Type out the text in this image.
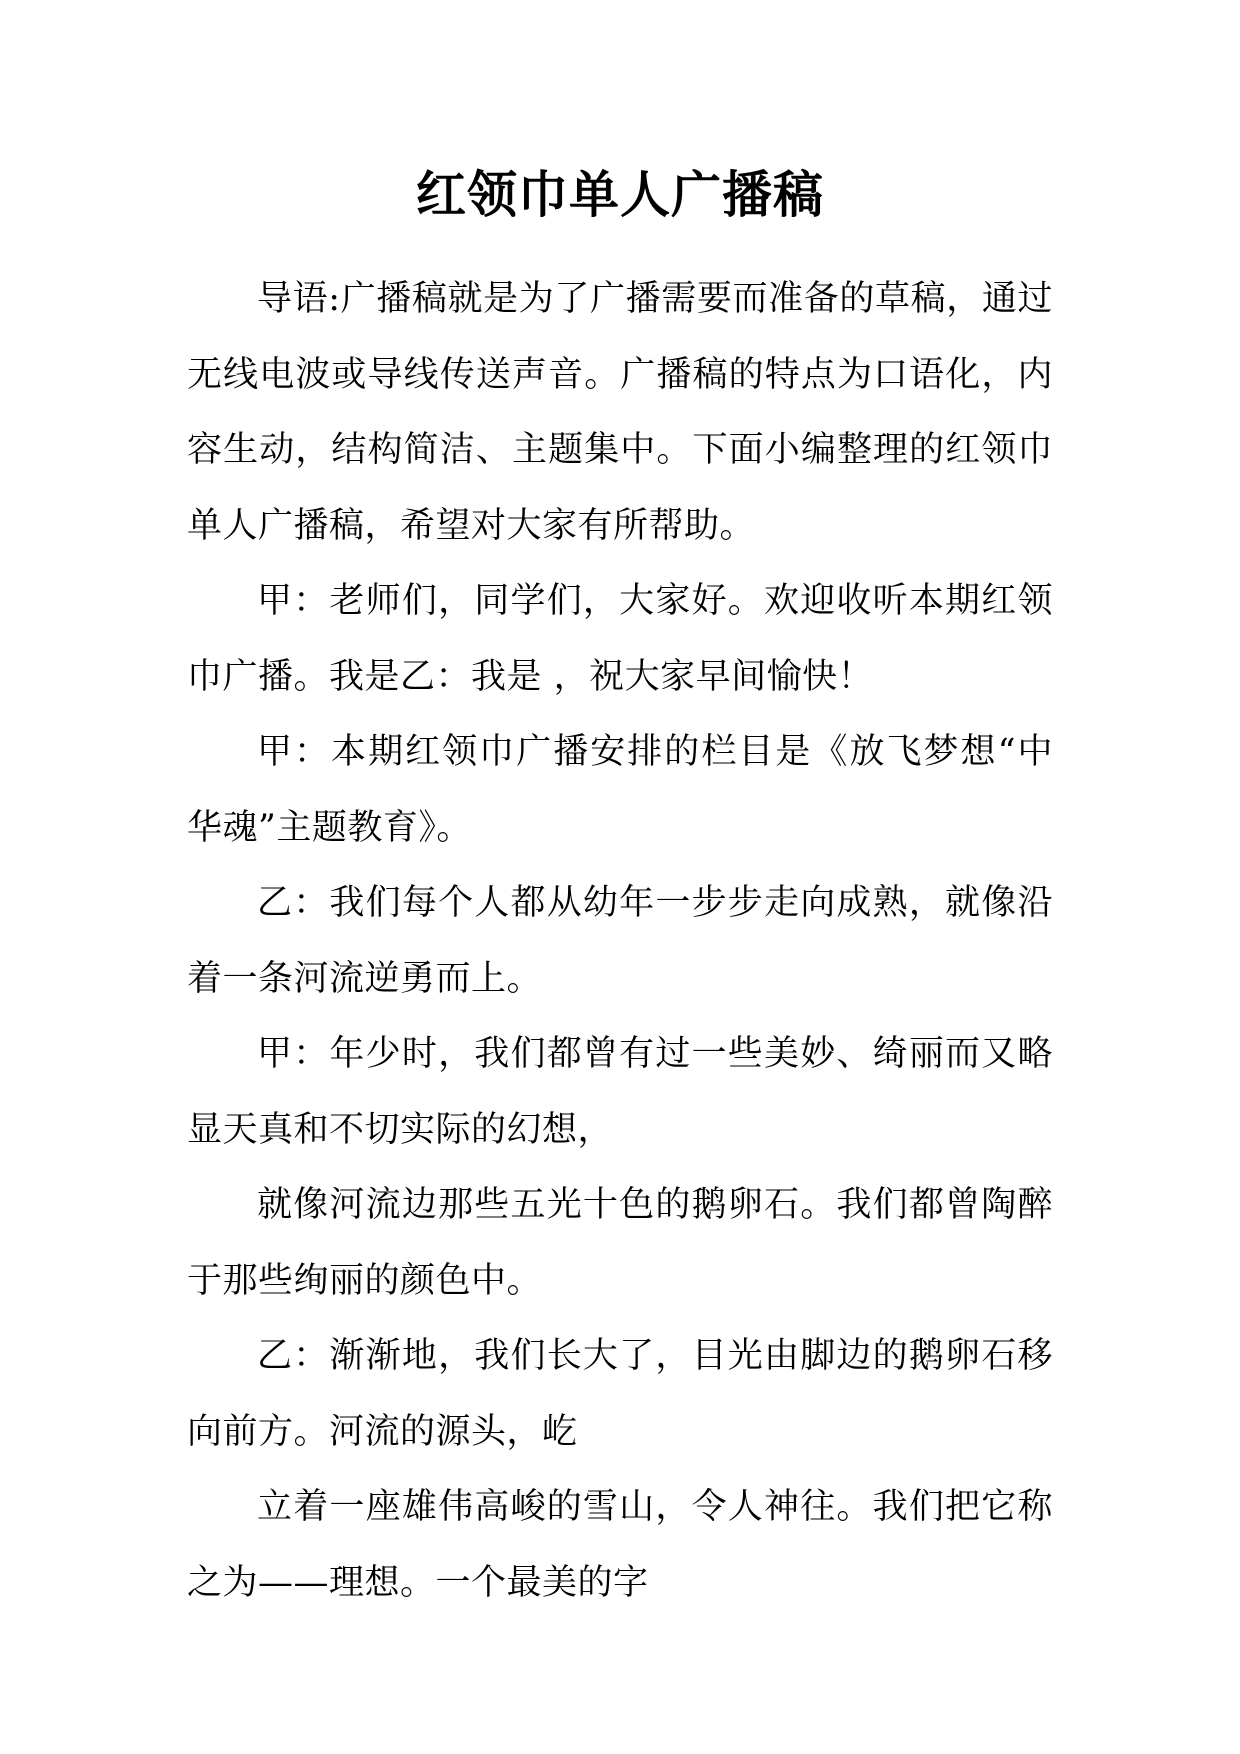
红领巾单人广播稿

导语:广播稿就是为了广播需要而准备的草稿，通过无线电波或导线传送声音。广播稿的特点为口语化，内容生动，结构简洁、主题集中。下面小编整理的红领巾单人广播稿，希望对大家有所帮助。

甲：老师们，同学们，大家好。欢迎收听本期红领巾广播。我是乙：我是 ，祝大家早间愉快！

甲：本期红领巾广播安排的栏目是《放飞梦想“中华魂”主题教育》。

乙：我们每个人都从幼年一步步走向成熟，就像沿着一条河流逆勇而上。

甲：年少时，我们都曾有过一些美妙、绮丽而又略显天真和不切实际的幻想，

就像河流边那些五光十色的鹅卵石。我们都曾陶醉于那些绚丽的颜色中。

乙：渐渐地，我们长大了，目光由脚边的鹅卵石移向前方。河流的源头，屹

立着一座雄伟高峻的雪山，令人神往。我们把它称之为——理想。一个最美的字
